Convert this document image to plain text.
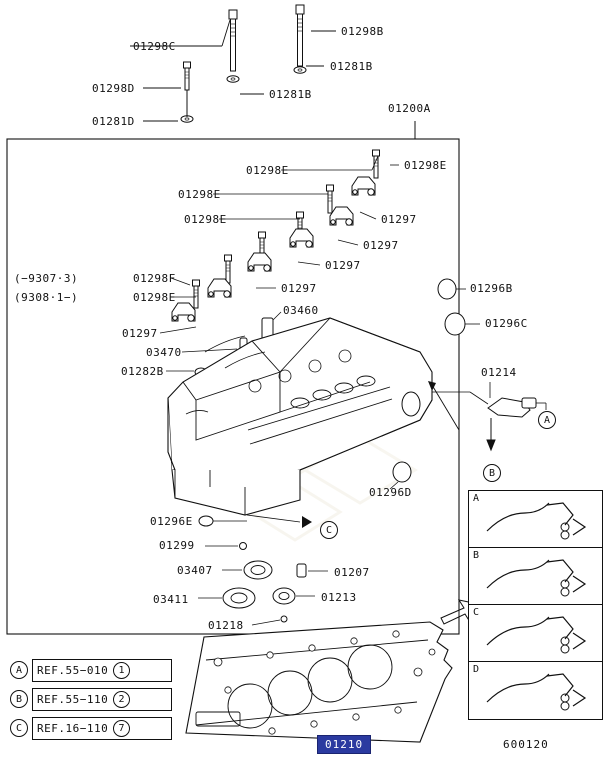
01298B
01298C
01281B
01298D	01281B
01281D
01200A
01298E	01298E
01298E
01297
01298E
01297
01297
01296B
01297
01296C
03460
01297
03470
01282B	01214
01296D
01296E
01299
03407	01207
03411	01213
01218
(−9307·3)	01298F
(9308·1−)	01298E
A
B
C
A
B
C
D
A	REF.55−010	1
B	REF.55−110	2
C	REF.16−110	7
01210	600120
